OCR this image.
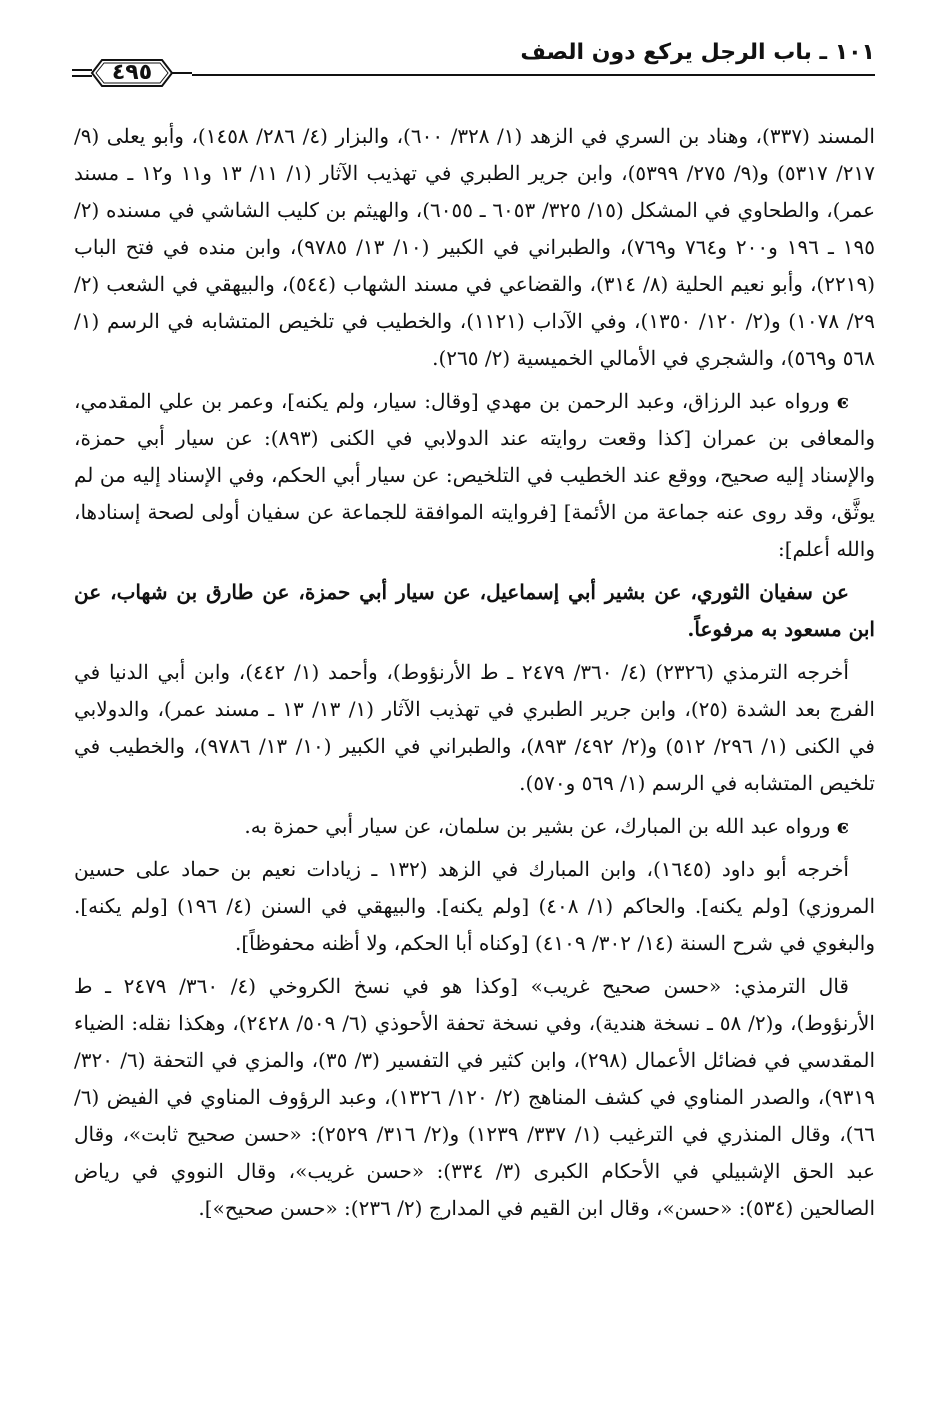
١٠١ ـ باب الرجل يركع دون الصف
٤٩٥

المسند (٣٣٧)، وهناد بن السري في الزهد (١/ ٣٢٨/ ٦٠٠)، والبزار (٤/ ٢٨٦/ ١٤٥٨)، وأبو يعلى (٩/ ٢١٧/ ٥٣١٧) و(٩/ ٢٧٥/ ٥٣٩٩)، وابن جرير الطبري في تهذيب الآثار (١/ ١١/ ١٣ و١١ و١٢ ـ مسند عمر)، والطحاوي في المشكل (١٥/ ٣٢٥/ ٦٠٥٣ ـ ٦٠٥٥)، والهيثم بن كليب الشاشي في مسنده (٢/ ١٩٥ ـ ١٩٦ و٢٠٠ و٧٦٤ و٧٦٩)، والطبراني في الكبير (١٠/ ١٣/ ٩٧٨٥)، وابن منده في فتح الباب (٢٢١٩)، وأبو نعيم الحلية (٨/ ٣١٤)، والقضاعي في مسند الشهاب (٥٤٤)، والبيهقي في الشعب (٢/ ٢٩/ ١٠٧٨) و(٢/ ١٢٠/ ١٣٥٠)، وفي الآداب (١١٢١)، والخطيب في تلخيص المتشابه في الرسم (١/ ٥٦٨ و٥٦٩)، والشجري في الأمالي الخميسية (٢/ ٢٦٥).

ͼ ورواه عبد الرزاق، وعبد الرحمن بن مهدي [وقال: سيار، ولم يكنه]، وعمر بن علي المقدمي، والمعافى بن عمران [كذا وقعت روايته عند الدولابي في الكنى (٨٩٣): عن سيار أبي حمزة، والإسناد إليه صحيح، ووقع عند الخطيب في التلخيص: عن سيار أبي الحكم، وفي الإسناد إليه من لم يوثَّق، وقد روى عنه جماعة من الأئمة] [فروايته الموافقة للجماعة عن سفيان أولى لصحة إسنادها، والله أعلم]:

عن سفيان الثوري، عن بشير أبي إسماعيل، عن سيار أبي حمزة، عن طارق بن شهاب، عن ابن مسعود به مرفوعاً.

أخرجه الترمذي (٢٣٢٦) (٤/ ٣٦٠/ ٢٤٧٩ ـ ط الأرنؤوط)، وأحمد (١/ ٤٤٢)، وابن أبي الدنيا في الفرج بعد الشدة (٢٥)، وابن جرير الطبري في تهذيب الآثار (١/ ١٣/ ١٣ ـ مسند عمر)، والدولابي في الكنى (١/ ٢٩٦/ ٥١٢) و(٢/ ٤٩٢/ ٨٩٣)، والطبراني في الكبير (١٠/ ١٣/ ٩٧٨٦)، والخطيب في تلخيص المتشابه في الرسم (١/ ٥٦٩ و٥٧٠).

ͼ ورواه عبد الله بن المبارك، عن بشير بن سلمان، عن سيار أبي حمزة به.

أخرجه أبو داود (١٦٤٥)، وابن المبارك في الزهد (١٣٢ ـ زيادات نعيم بن حماد على حسين المروزي) [ولم يكنه]. والحاكم (١/ ٤٠٨) [ولم يكنه]. والبيهقي في السنن (٤/ ١٩٦) [ولم يكنه]. والبغوي في شرح السنة (١٤/ ٣٠٢/ ٤١٠٩) [وكناه أبا الحكم، ولا أظنه محفوظاً].

قال الترمذي: «حسن صحيح غريب» [وكذا هو في نسخ الكروخي (٤/ ٣٦٠/ ٢٤٧٩ ـ ط الأرنؤوط)، و(٢/ ٥٨ ـ نسخة هندية)، وفي نسخة تحفة الأحوذي (٦/ ٥٠٩/ ٢٤٢٨)، وهكذا نقله: الضياء المقدسي في فضائل الأعمال (٢٩٨)، وابن كثير في التفسير (٣/ ٣٥)، والمزي في التحفة (٦/ ٣٢٠/ ٩٣١٩)، والصدر المناوي في كشف المناهج (٢/ ١٢٠/ ١٣٢٦)، وعبد الرؤوف المناوي في الفيض (٦/ ٦٦)، وقال المنذري في الترغيب (١/ ٣٣٧/ ١٢٣٩) و(٢/ ٣١٦/ ٢٥٢٩): «حسن صحيح ثابت»، وقال عبد الحق الإشبيلي في الأحكام الكبرى (٣/ ٣٣٤): «حسن غريب»، وقال النووي في رياض الصالحين (٥٣٤): «حسن»، وقال ابن القيم في المدارج (٢/ ٢٣٦): «حسن صحيح»].
